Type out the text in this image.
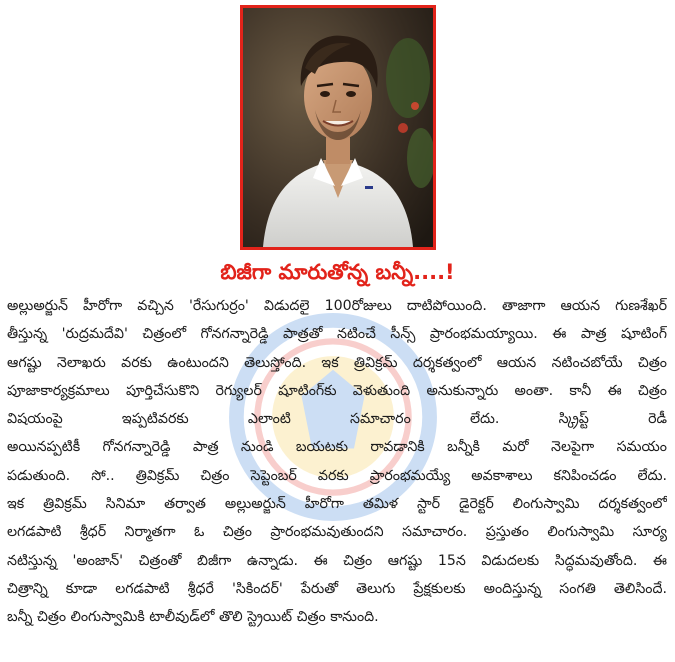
బిజీగా మారుతోన్న బన్నీ....!
అల్లుఅర్జున్ హీరోగా వచ్చిన 'రేసుగుర్రం' విడుదలై 100రోజులు దాటిపోయింది. తాజాగా ఆయన గుణశేఖర్
తీస్తున్న 'రుద్రమదేవి' చిత్రంలో గోనగన్నారెడ్డి పాత్రతో నటించే సీన్స్ ప్రారంభమయ్యాయి. ఈ పాత్ర షూటింగ్
ఆగష్టు నెలాఖరు వరకు ఉంటుందని తెలుస్తోంది. ఇక త్రివిక్రమ్ దర్శకత్వంలో ఆయన నటించబోయే చిత్రం
పూజాకార్యక్రమాలు పూర్తిచేసుకొని రెగ్యులర్ షూటింగ్‌కు వెళుతుంది అనుకున్నారు అంతా. కానీ ఈ చిత్రం
విషయంపై ఇప్పటివరకు ఎలాంటి సమాచారం లేదు. స్క్రిప్ట్ రెడీ
అయినప్పటికీ గోనగన్నారెడ్డి పాత్ర నుండి బయటకు రావడానికి బన్నీకి మరో నెలపైగా సమయం
పడుతుంది. సో.. త్రివిక్రమ్ చిత్రం సెప్టెంబర్ వరకు ప్రారంభమయ్యే అవకాశాలు కనిపించడం లేదు.
ఇక త్రివిక్రమ్ సినిమా తర్వాత అల్లుఅర్జున్ హీరోగా తమిళ స్టార్ డైరెక్టర్ లింగుస్వామి దర్శకత్వంలో
లగడపాటి శ్రీధర్ నిర్మాతగా ఓ చిత్రం ప్రారంభమవుతుందని సమాచారం. ప్రస్తుతం లింగుస్వామి సూర్య
నటిస్తున్న 'అంజాన్' చిత్రంతో బిజీగా ఉన్నాడు. ఈ చిత్రం ఆగష్టు 15న విడుదలకు సిద్ధమవుతోంది. ఈ
చిత్రాన్ని కూడా లగడపాటి శ్రీధరే 'సికిందర్' పేరుతో తెలుగు ప్రేక్షకులకు అందిస్తున్న సంగతి తెలిసిందే.
బన్నీ చిత్రం లింగుస్వామికి టాలీవుడ్‌లో తొలి స్ట్రెయిట్ చిత్రం కానుంది.
